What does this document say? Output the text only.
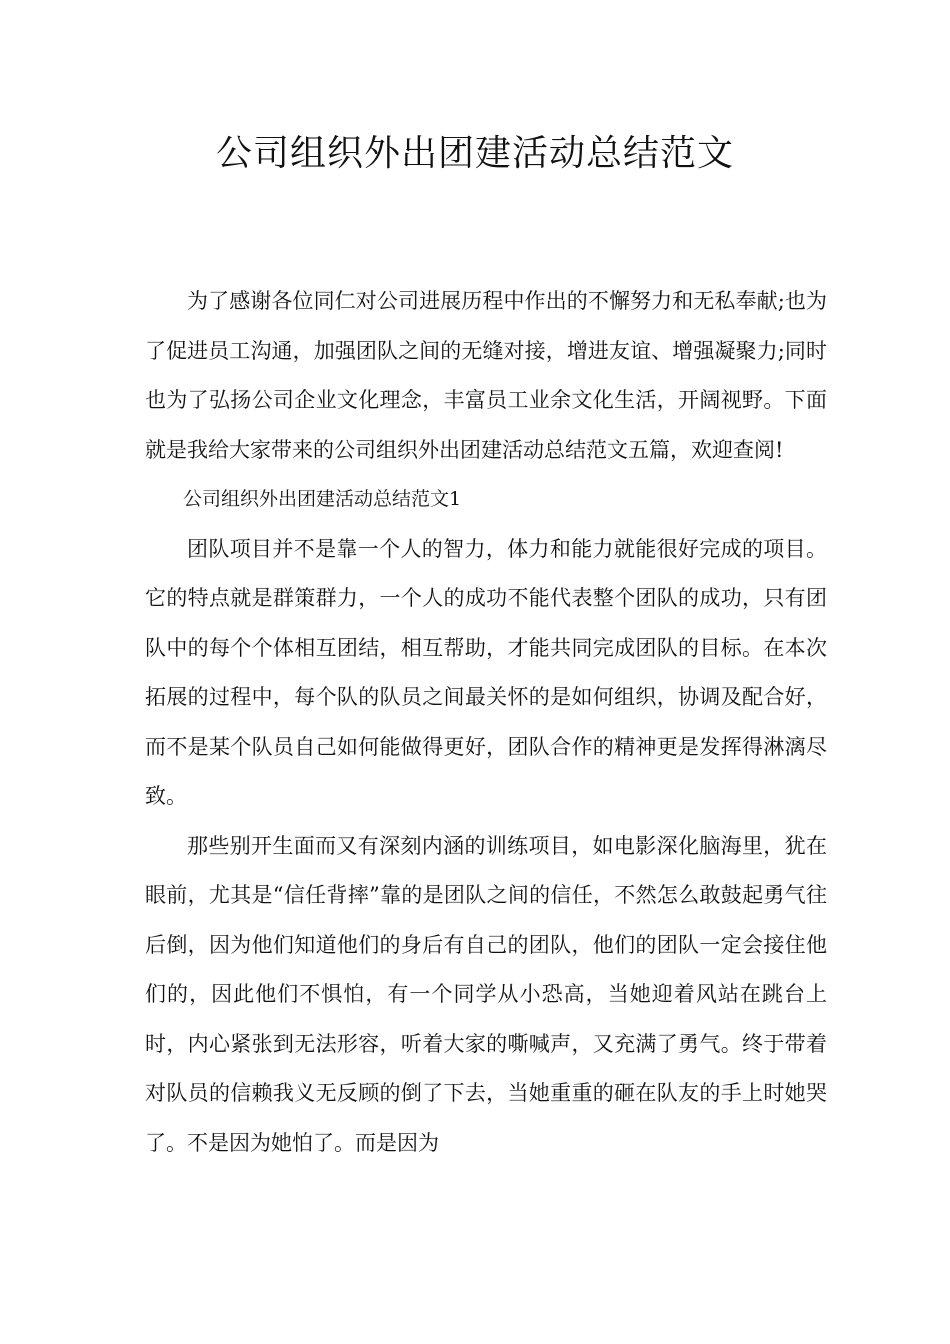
公司组织外出团建活动总结范文

为了感谢各位同仁对公司进展历程中作出的不懈努力和无私奉献;也为了促进员工沟通，加强团队之间的无缝对接，增进友谊、增强凝聚力;同时也为了弘扬公司企业文化理念，丰富员工业余文化生活，开阔视野。下面就是我给大家带来的公司组织外出团建活动总结范文五篇，欢迎查阅!

公司组织外出团建活动总结范文1

团队项目并不是靠一个人的智力，体力和能力就能很好完成的项目。它的特点就是群策群力，一个人的成功不能代表整个团队的成功，只有团队中的每个个体相互团结，相互帮助，才能共同完成团队的目标。在本次拓展的过程中，每个队的队员之间最关怀的是如何组织，协调及配合好，而不是某个队员自己如何能做得更好，团队合作的精神更是发挥得淋漓尽致。

那些别开生面而又有深刻内涵的训练项目，如电影深化脑海里，犹在眼前，尤其是“信任背摔”靠的是团队之间的信任，不然怎么敢鼓起勇气往后倒，因为他们知道他们的身后有自己的团队，他们的团队一定会接住他们的，因此他们不惧怕，有一个同学从小恐高，当她迎着风站在跳台上时，内心紧张到无法形容，听着大家的嘶喊声，又充满了勇气。终于带着对队员的信赖我义无反顾的倒了下去，当她重重的砸在队友的手上时她哭了。不是因为她怕了。而是因为
